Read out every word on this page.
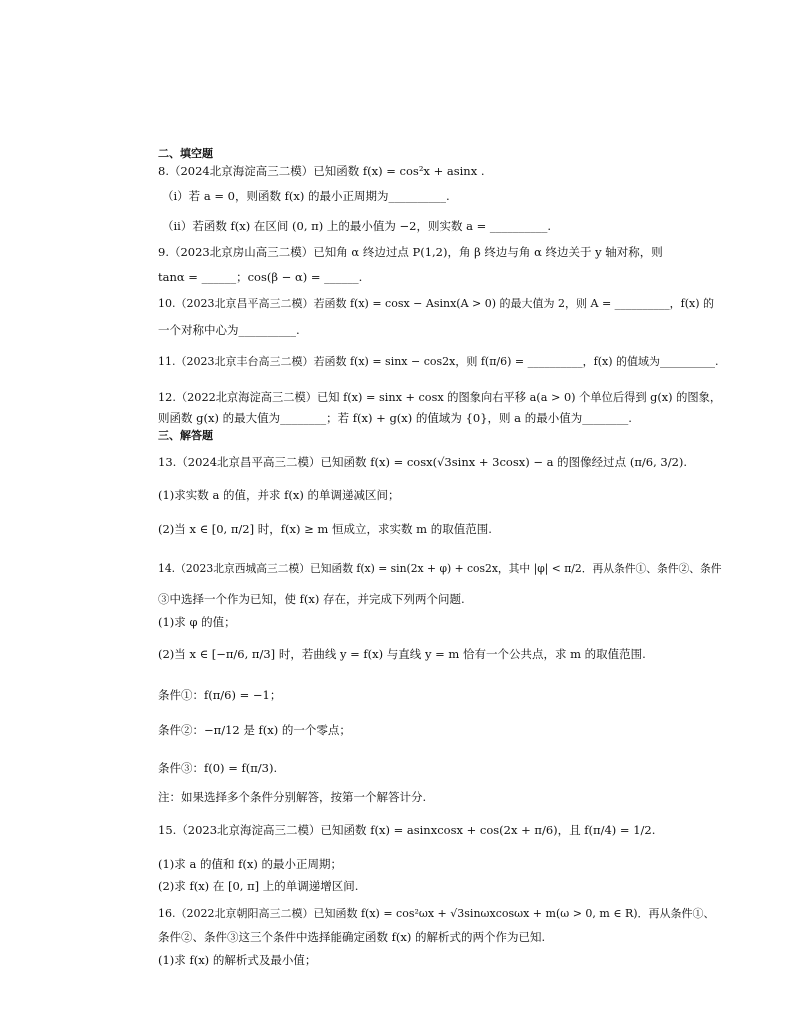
二、填空题
8.（2024北京海淀高三二模）已知函数 f(x) = cos²x + asinx .
（i）若 a = 0，则函数 f(x) 的最小正周期为__________.
（ii）若函数 f(x) 在区间 (0, π) 上的最小值为 −2，则实数 a = __________.
9.（2023北京房山高三二模）已知角 α 终边过点 P(1,2)，角 β 终边与角 α 终边关于 y 轴对称，则
tanα = ______；cos(β − α) = ______.
10.（2023北京昌平高三二模）若函数 f(x) = cosx − Asinx(A > 0) 的最大值为 2，则 A = __________，f(x) 的
一个对称中心为__________.
11.（2023北京丰台高三二模）若函数 f(x) = sinx − cos2x，则 f(π/6) = __________，f(x) 的值域为__________.
12.（2022北京海淀高三二模）已知 f(x) = sinx + cosx 的图象向右平移 a(a > 0) 个单位后得到 g(x) 的图象，
则函数 g(x) 的最大值为________；若 f(x) + g(x) 的值域为 {0}，则 a 的最小值为________.
三、解答题
13.（2024北京昌平高三二模）已知函数 f(x) = cosx(√3sinx + 3cosx) − a 的图像经过点 (π/6, 3/2).
(1)求实数 a 的值，并求 f(x) 的单调递减区间；
(2)当 x ∈ [0, π/2] 时，f(x) ≥ m 恒成立，求实数 m 的取值范围.
14.（2023北京西城高三二模）已知函数 f(x) = sin(2x + φ) + cos2x，其中 |φ| < π/2．再从条件①、条件②、条件
③中选择一个作为已知，使 f(x) 存在，并完成下列两个问题.
(1)求 φ 的值；
(2)当 x ∈ [−π/6, π/3] 时，若曲线 y = f(x) 与直线 y = m 恰有一个公共点，求 m 的取值范围.
条件①：f(π/6) = −1；
条件②：−π/12 是 f(x) 的一个零点；
条件③：f(0) = f(π/3).
注：如果选择多个条件分别解答，按第一个解答计分.
15.（2023北京海淀高三二模）已知函数 f(x) = asinxcosx + cos(2x + π/6)，且 f(π/4) = 1/2.
(1)求 a 的值和 f(x) 的最小正周期；
(2)求 f(x) 在 [0, π] 上的单调递增区间.
16.（2022北京朝阳高三二模）已知函数 f(x) = cos²ωx + √3sinωxcosωx + m(ω > 0, m ∈ R)．再从条件①、
条件②、条件③这三个条件中选择能确定函数 f(x) 的解析式的两个作为已知.
(1)求 f(x) 的解析式及最小值；
